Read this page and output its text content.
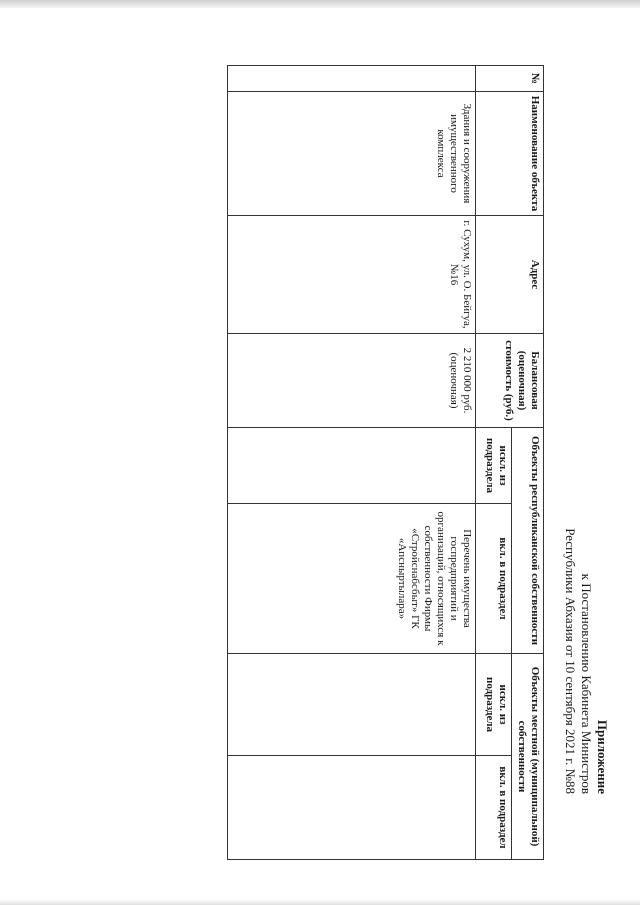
Приложение
к Постановлению Кабинета Министров
Республики Абхазия от 10 сентября 2021 г. №88
№	Наименование объекта	Адрес	Балансовая (оценочная) стоимость (руб.)	Объекты республиканской собственности		Объекты местной (муниципальной) собственности	
				искл. из подраздела	вкл. в подраздел	искл. из подраздела	вкл. в подраздел
	Здания и сооружения имущественного комплекса	г. Сухум, ул. О. Бейгуа, №16	2 210 000 руб. (оценочная)		Перечень имущества госпредприятий и организаций, относящихся к собственности Фирмы «Стройснабсбыт» ГК «Апсныртылара»		
